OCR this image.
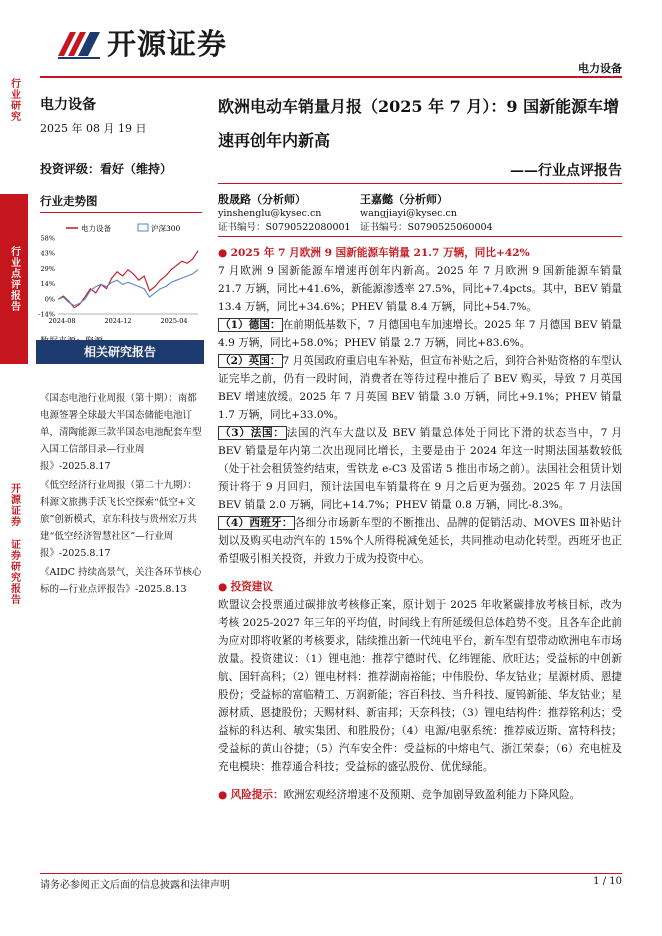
开源证券
电力设备
行业研究
行业点评报告
开源证券 证券研究报告
电力设备
2025 年 08 月 19 日
投资评级：看好（维持）
行业走势图
电力设备	沪深300
58%
43%
29%
14%
0%
-14%
2024-08	2024-12	2025-04
相关研究报告

《国态电池行业周报（第十期）：南都电源签署全球最大半国态储能电池订单，清陶能源三款半国态电池配套车型入国工信部目录—行业周报》-2025.8.17

《低空经济行业周报（第二十九期）：科源文旅携手沃飞长空探索“低空+文旅”创新模式，京东科技与贵州宏万共建“低空经济智慧社区”—行业周报》-2025.8.17

《AIDC 持续高景气，关注各环节核心标的—行业点评报告》-2025.8.13

欧洲电动车销量月报（2025 年 7 月）：9 国新能源车增速再创年内新高
——行业点评报告
殷晟路（分析师）
yinshenglu@kysec.cn
证书编号：S0790522080001
王嘉懿（分析师）
wangjiayi@kysec.cn
证书编号：S0790525060004

● 2025 年 7 月欧洲 9 国新能源车销量 21.7 万辆，同比+42%

7 月欧洲 9 国新能源车增速再创年内新高。2025 年 7 月欧洲 9 国新能源车销量 21.7 万辆，同比+41.6%，新能源渗透率 27.5%，同比+7.4pcts。其中，BEV 销量 13.4 万辆，同比+34.6%；PHEV 销量 8.4 万辆，同比+54.7%。

（1）德国： 在前期低基数下，7 月德国电车加速增长。2025 年 7 月德国 BEV 销量 4.9 万辆，同比+58.0%；PHEV 销量 2.7 万辆，同比+83.6%。

（2）英国： 7 月英国政府重启电车补贴，但宣布补贴之后，到符合补贴资格的车型认证完毕之前，仍有一段时间，消费者在等待过程中推后了 BEV 购买，导致 7 月英国 BEV 增速放缓。2025 年 7 月英国 BEV 销量 3.0 万辆，同比+9.1%；PHEV 销量 1.7 万辆，同比+33.0%。

（3）法国： 法国的汽车大盘以及 BEV 销量总体处于同比下滑的状态当中，7 月 BEV 销量是年内第二次出现同比增长，主要是由于 2024 年这一时期法国基数较低（处于社会租赁签约结束，雪铁龙 e-C3 及雷诺 5 推出市场之前）。法国社会租赁计划预计将于 9 月回归，预计法国电车销量将在 9 月之后更为强劲。2025 年 7 月法国 BEV 销量 2.0 万辆，同比+14.7%；PHEV 销量 0.8 万辆，同比-8.3%。

（4）西班牙： 各细分市场新车型的不断推出、品牌的促销活动、MOVES Ⅲ补贴计划以及购买电动汽车的 15%个人所得税减免延长，共同推动电动化转型。西班牙也正希望吸引相关投资，并致力于成为投资中心。

● 投资建议

欧盟议会投票通过碳排放考核修正案，原计划于 2025 年收紧碳排放考核目标，改为考核 2025-2027 年三年的平均值，时间线上有所延缓但总体趋势不变。且各车企此前为应对即将收紧的考核要求，陆续推出新一代纯电平台，新车型有望带动欧洲电车市场放量。投资建议：（1）锂电池：推荐宁德时代、亿纬锂能、欣旺达；受益标的中创新航、国轩高科；（2）锂电材料：推荐湖南裕能；中伟股份、华友钴业；星源材质、恩捷股份；受益标的富临精工、万润新能；容百科技、当升科技、厦钨新能、华友钴业；星源材质、恩捷股份；天赐材料、新宙邦；天奈科技；（3）锂电结构件：推荐铭利达；受益标的科达利、敏实集团、和胜股份；（4）电源/电驱系统：推荐威迈斯、富特科技；受益标的黄山谷捷；（5）汽车安全件：受益标的中熔电气、浙江荣泰；（6）充电桩及充电模块：推荐通合科技；受益标的盛弘股份、优优绿能。

● 风险提示：欧洲宏观经济增速不及预期、竞争加剧导致盈利能力下降风险。

请务必参阅正文后面的信息披露和法律声明	1 / 10
